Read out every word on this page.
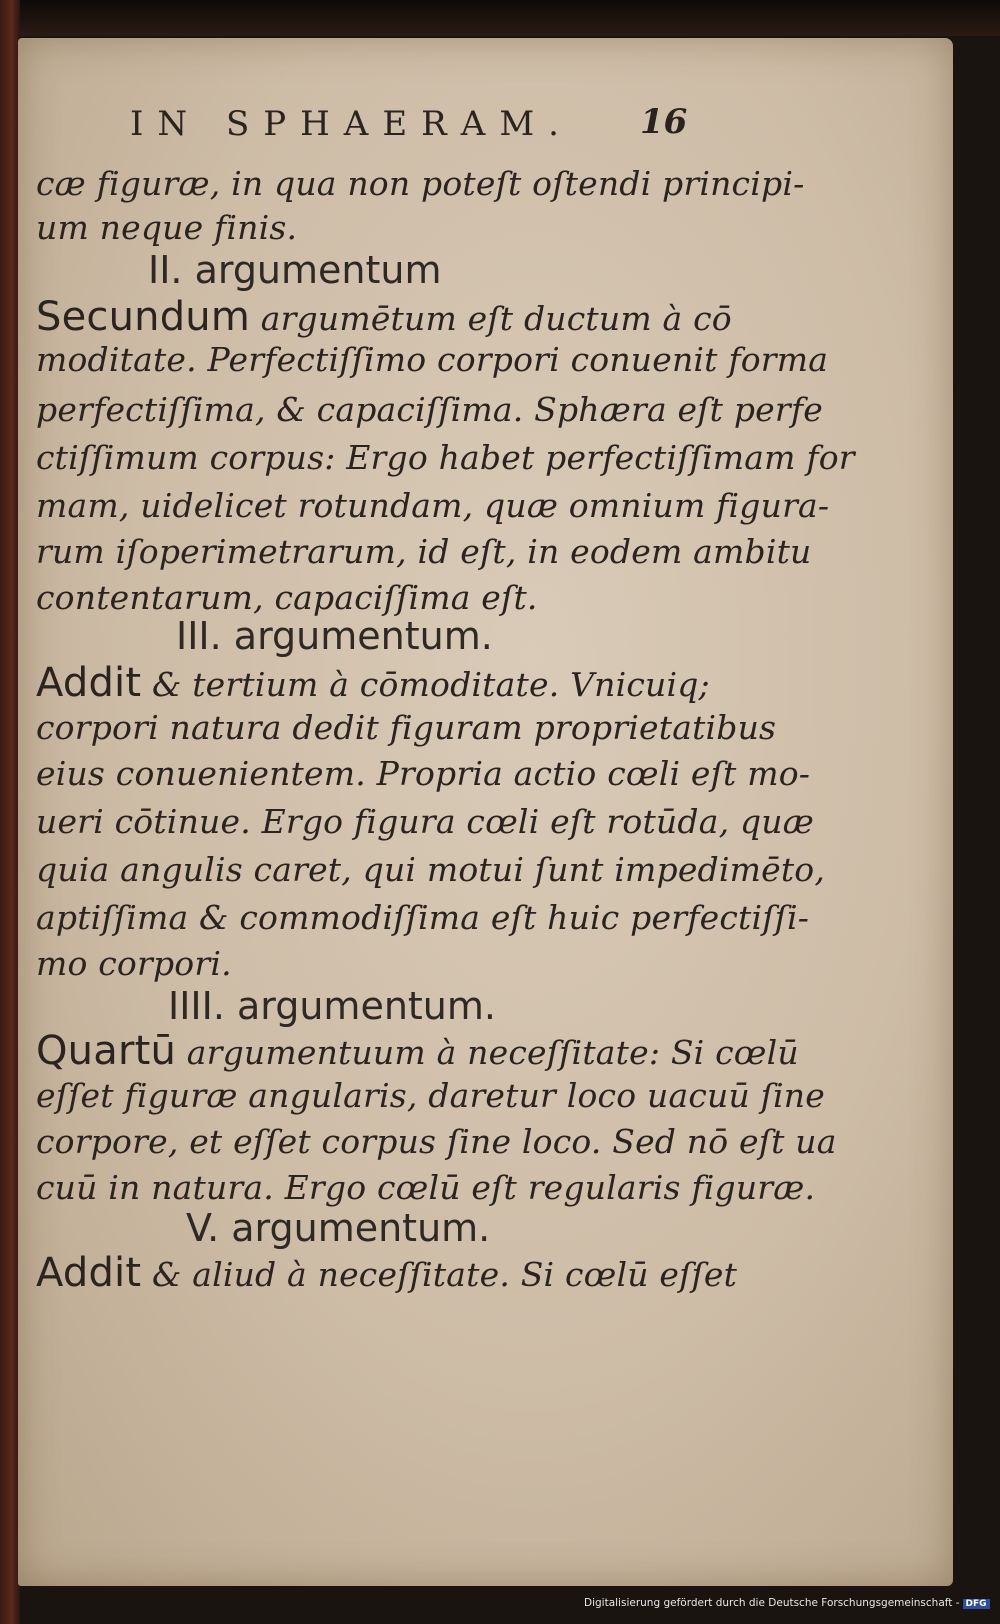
IN SPHAERAM. 16
cæ figuræ, in qua non poteſt oſtendi principi-
um neque finis.
II. argumentum
Secundum argumētum eſt ductum à cō
moditate. Perfectiſſimo corpori conuenit forma
perfectiſſima, & capaciſſima. Sphæra eſt perfe
ctiſſimum corpus: Ergo habet perfectiſſimam for
mam, uidelicet rotundam, quæ omnium figura-
rum iſoperimetrarum, id eſt, in eodem ambitu
contentarum, capaciſſima eſt.
III. argumentum.
Addit & tertium à cōmoditate. Vnicuiq;
corpori natura dedit figuram proprietatibus
eius conuenientem. Propria actio cœli eſt mo-
ueri cōtinue. Ergo figura cœli eſt rotūda, quæ
quia angulis caret, qui motui ſunt impedimēto,
aptiſſima & commodiſſima eſt huic perfectiſſi-
mo corpori.
IIII. argumentum.
Quartū argumentuum à neceſſitate: Si cœlū
eſſet figuræ angularis, daretur loco uacuū ſine
corpore, et eſſet corpus ſine loco. Sed nō eſt ua
cuū in natura. Ergo cœlū eſt regularis figuræ.
V. argumentum.
Addit & aliud à neceſſitate. Si cœlū eſſet
Digitalisierung gefördert durch die Deutsche Forschungsgemeinschaft - DFG
